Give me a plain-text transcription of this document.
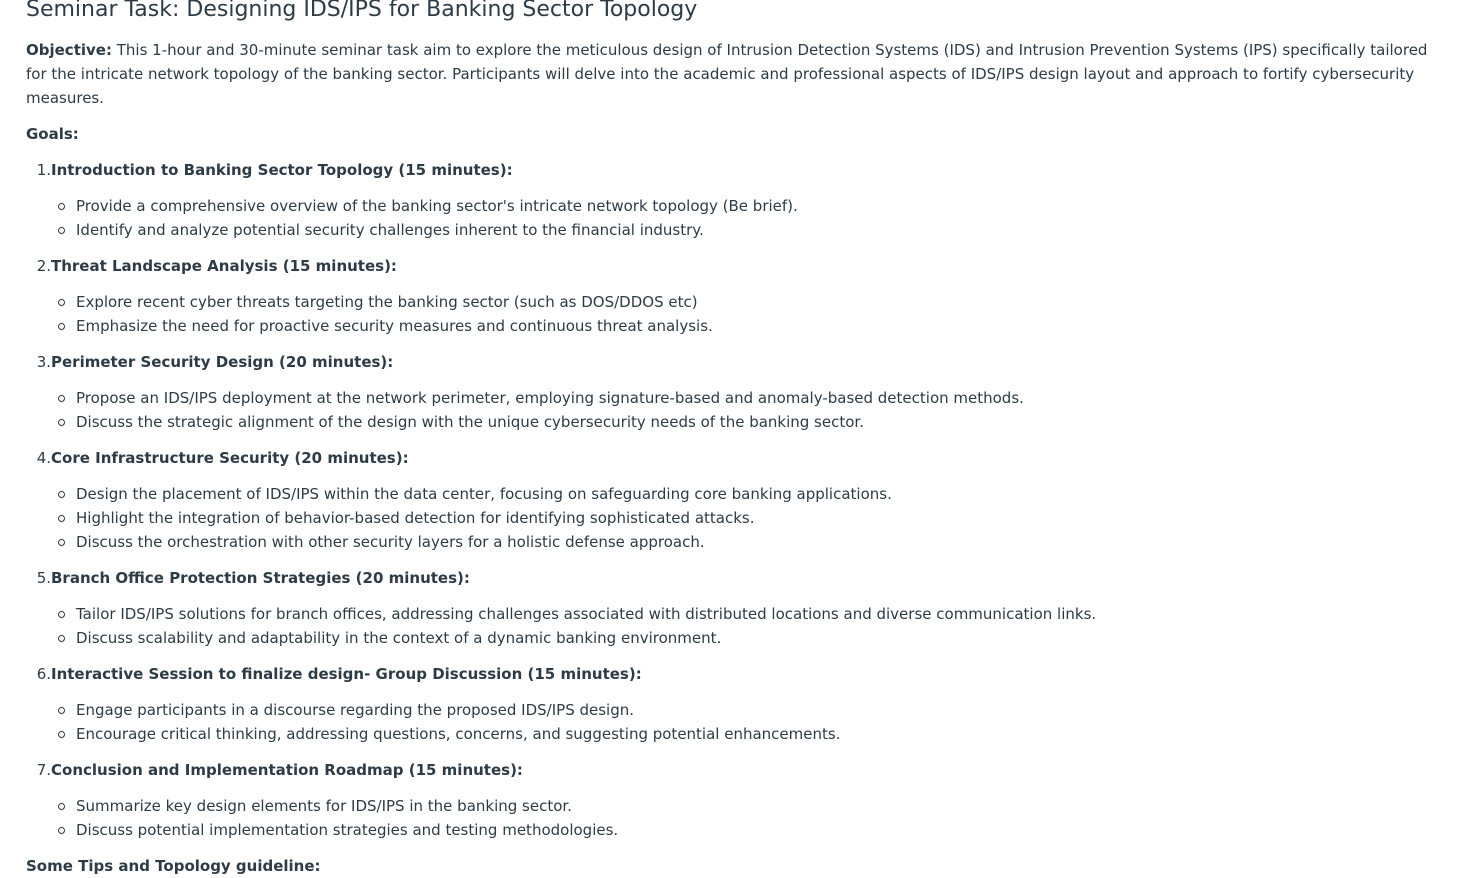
Seminar Task: Designing IDS/IPS for Banking Sector Topology

Objective: This 1-hour and 30-minute seminar task aim to explore the meticulous design of Intrusion Detection Systems (IDS) and Intrusion Prevention Systems (IPS) specifically tailored for the intricate network topology of the banking sector. Participants will delve into the academic and professional aspects of IDS/IPS design layout and approach to fortify cybersecurity measures.

Goals:

1. Introduction to Banking Sector Topology (15 minutes):
Provide a comprehensive overview of the banking sector's intricate network topology (Be brief).
Identify and analyze potential security challenges inherent to the financial industry.
2. Threat Landscape Analysis (15 minutes):
Explore recent cyber threats targeting the banking sector (such as DOS/DDOS etc)
Emphasize the need for proactive security measures and continuous threat analysis.
3. Perimeter Security Design (20 minutes):
Propose an IDS/IPS deployment at the network perimeter, employing signature-based and anomaly-based detection methods.
Discuss the strategic alignment of the design with the unique cybersecurity needs of the banking sector.
4. Core Infrastructure Security (20 minutes):
Design the placement of IDS/IPS within the data center, focusing on safeguarding core banking applications.
Highlight the integration of behavior-based detection for identifying sophisticated attacks.
Discuss the orchestration with other security layers for a holistic defense approach.
5. Branch Office Protection Strategies (20 minutes):
Tailor IDS/IPS solutions for branch offices, addressing challenges associated with distributed locations and diverse communication links.
Discuss scalability and adaptability in the context of a dynamic banking environment.
6. Interactive Session to finalize design- Group Discussion (15 minutes):
Engage participants in a discourse regarding the proposed IDS/IPS design.
Encourage critical thinking, addressing questions, concerns, and suggesting potential enhancements.
7. Conclusion and Implementation Roadmap (15 minutes):
Summarize key design elements for IDS/IPS in the banking sector.
Discuss potential implementation strategies and testing methodologies.

Some Tips and Topology guideline:
